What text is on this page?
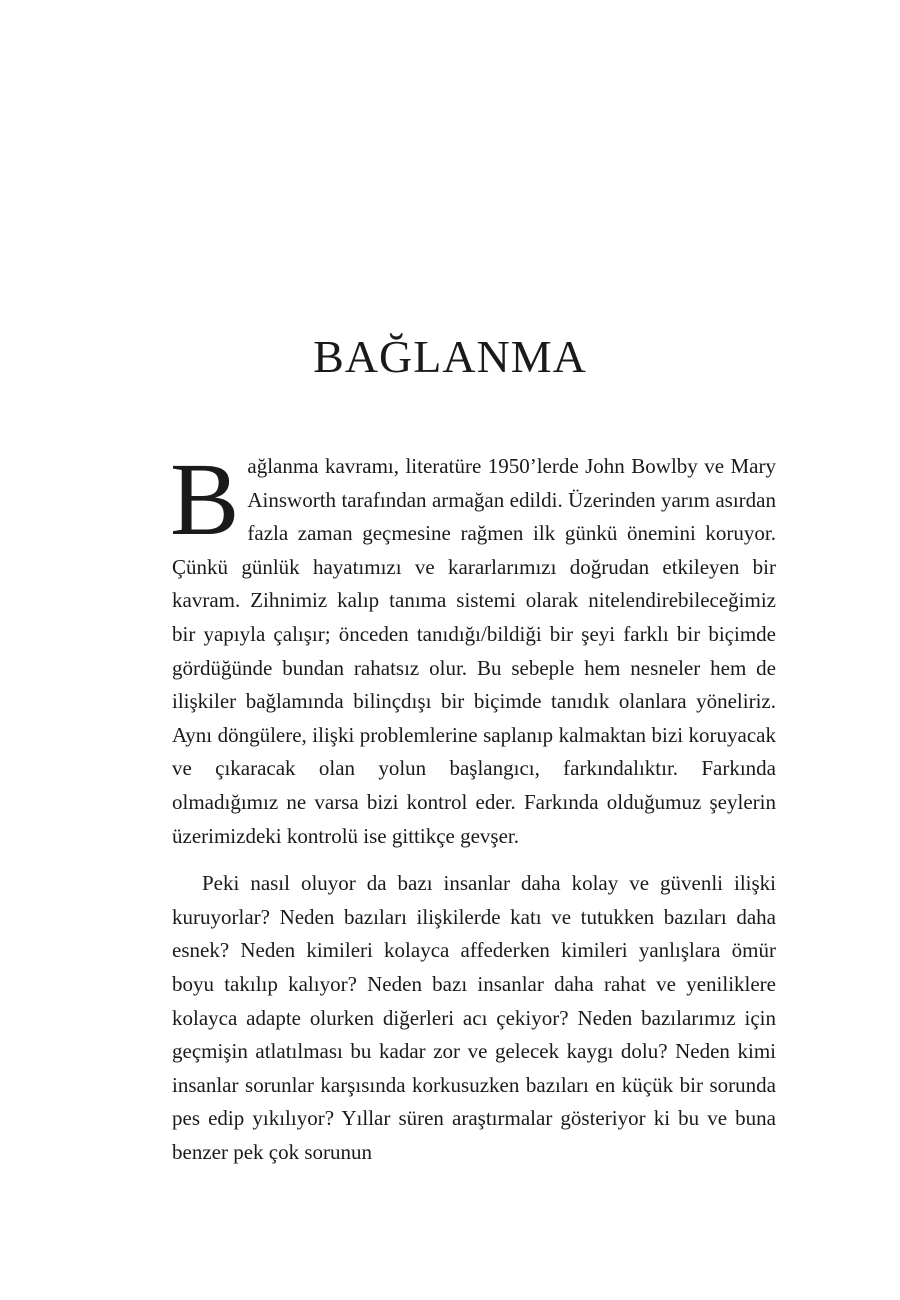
BAĞLANMA

Bağlanma kavramı, literatüre 1950’lerde John Bowlby ve Mary Ainsworth tarafından armağan edildi. Üzerinden yarım asırdan fazla zaman geçmesine rağmen ilk günkü önemini koruyor. Çünkü günlük hayatımızı ve kararlarımızı doğrudan etkileyen bir kavram. Zihnimiz kalıp tanıma sistemi olarak nitelendirebileceğimiz bir yapıyla çalışır; önceden tanıdığı/bildiği bir şeyi farklı bir biçimde gördüğünde bundan rahatsız olur. Bu sebeple hem nesneler hem de ilişkiler bağlamında bilinçdışı bir biçimde tanıdık olanlara yöneliriz. Aynı döngülere, ilişki problemlerine saplanıp kalmaktan bizi koruyacak ve çıkaracak olan yolun başlangıcı, farkındalıktır. Farkında olmadığımız ne varsa bizi kontrol eder. Farkında olduğumuz şeylerin üzerimizdeki kontrolü ise gittikçe gevşer.

Peki nasıl oluyor da bazı insanlar daha kolay ve güvenli ilişki kuruyorlar? Neden bazıları ilişkilerde katı ve tutukken bazıları daha esnek? Neden kimileri kolayca affederken kimileri yanlışlara ömür boyu takılıp kalıyor? Neden bazı insanlar daha rahat ve yeniliklere kolayca adapte olurken diğerleri acı çekiyor? Neden bazılarımız için geçmişin atlatılması bu kadar zor ve gelecek kaygı dolu? Neden kimi insanlar sorunlar karşısında korkusuzken bazıları en küçük bir sorunda pes edip yıkılıyor? Yıllar süren araştırmalar gösteriyor ki bu ve buna benzer pek çok sorunun
